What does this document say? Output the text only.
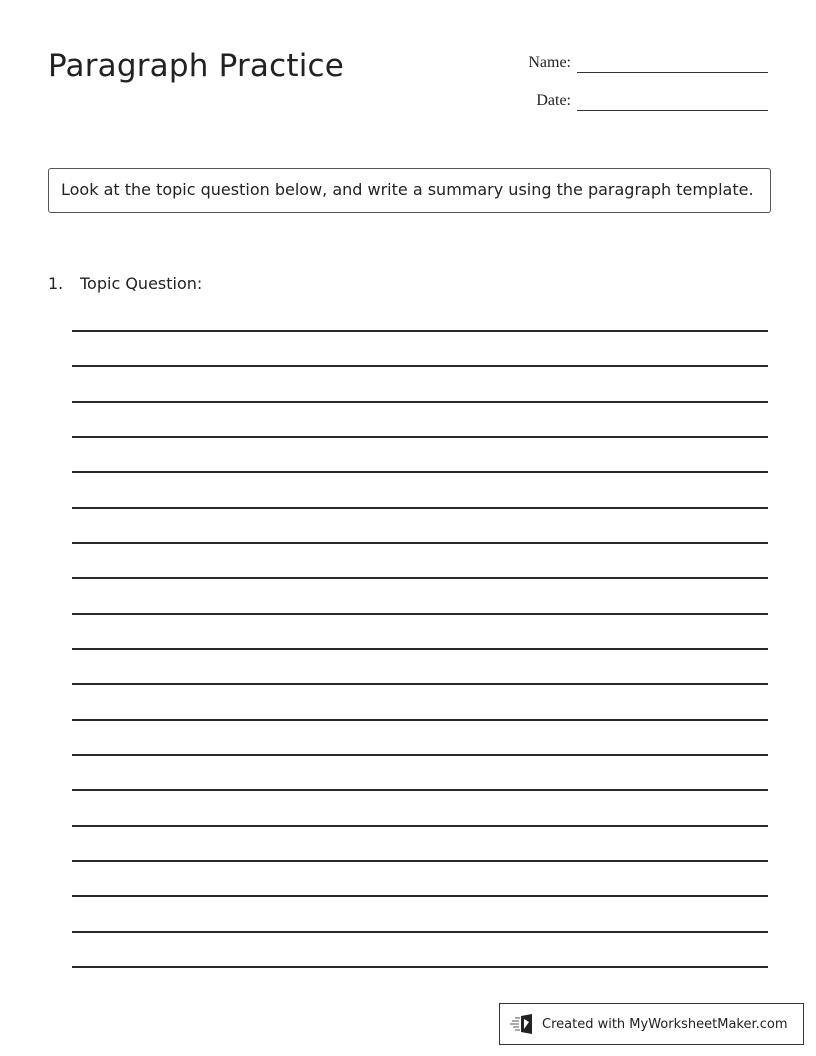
Paragraph Practice	Name:
Date:
Look at the topic question below, and write a summary using the paragraph template.
1. Topic Question:
Created with MyWorksheetMaker.com
